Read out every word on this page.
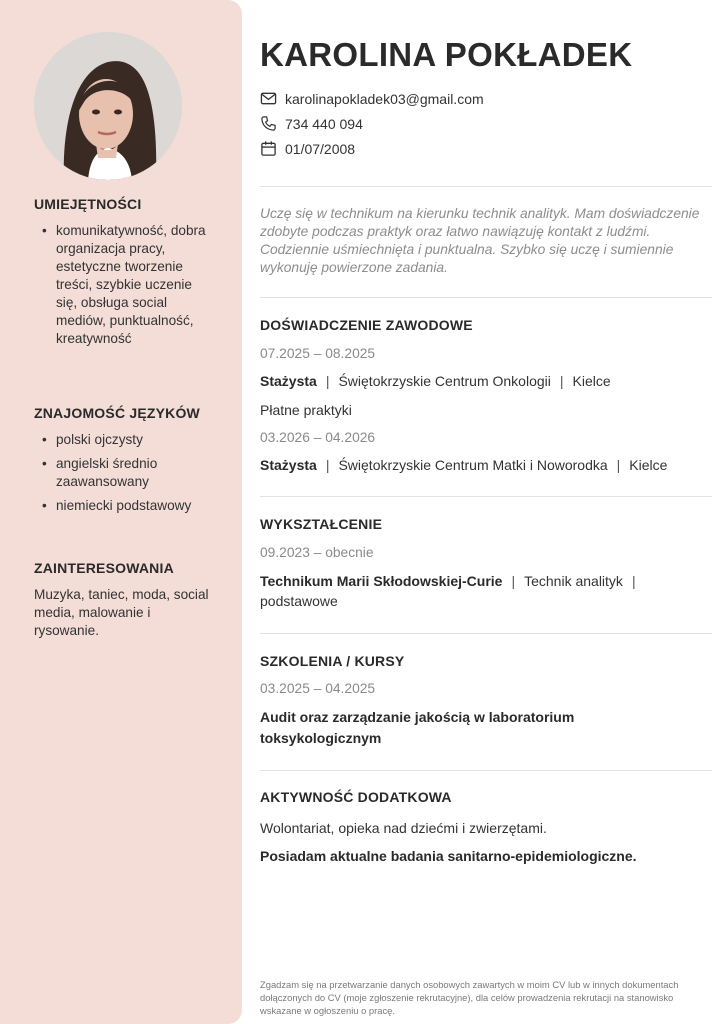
UMIEJĘTNOŚCI
• komunikatywność, dobra organizacja pracy, estetyczne tworzenie treści, szybkie uczenie się, obsługa social mediów, punktualność, kreatywność
ZNAJOMOŚĆ JĘZYKÓW
• polski ojczysty
• angielski średnio zaawansowany
• niemiecki podstawowy
ZAINTERESOWANIA
Muzyka, taniec, moda, social media, malowanie i rysowanie.
KAROLINA POKŁADEK
karolinapokladek03@gmail.com
734 440 094
01/07/2008
Uczę się w technikum na kierunku technik analityk. Mam doświadczenie zdobyte podczas praktyk oraz łatwo nawiązuję kontakt z ludźmi. Codziennie uśmiechnięta i punktualna. Szybko się uczę i sumiennie wykonuję powierzone zadania.
DOŚWIADCZENIE ZAWODOWE
07.2025 – 08.2025
Stażysta | Świętokrzyskie Centrum Onkologii | Kielce
Płatne praktyki
03.2026 – 04.2026
Stażysta | Świętokrzyskie Centrum Matki i Noworodka | Kielce
WYKSZTAŁCENIE
09.2023 – obecnie
Technikum Marii Skłodowskiej-Curie | Technik analityk |
podstawowe
SZKOLENIA / KURSY
03.2025 – 04.2025
Audit oraz zarządzanie jakością w laboratorium
toksykologicznym
AKTYWNOŚĆ DODATKOWA
Wolontariat, opieka nad dziećmi i zwierzętami.
Posiadam aktualne badania sanitarno-epidemiologiczne.
Zgadzam się na przetwarzanie danych osobowych zawartych w moim CV lub w innych dokumentach dołączonych do CV (moje zgłoszenie rekrutacyjne), dla celów prowadzenia rekrutacji na stanowisko wskazane w ogłoszeniu o pracę.
